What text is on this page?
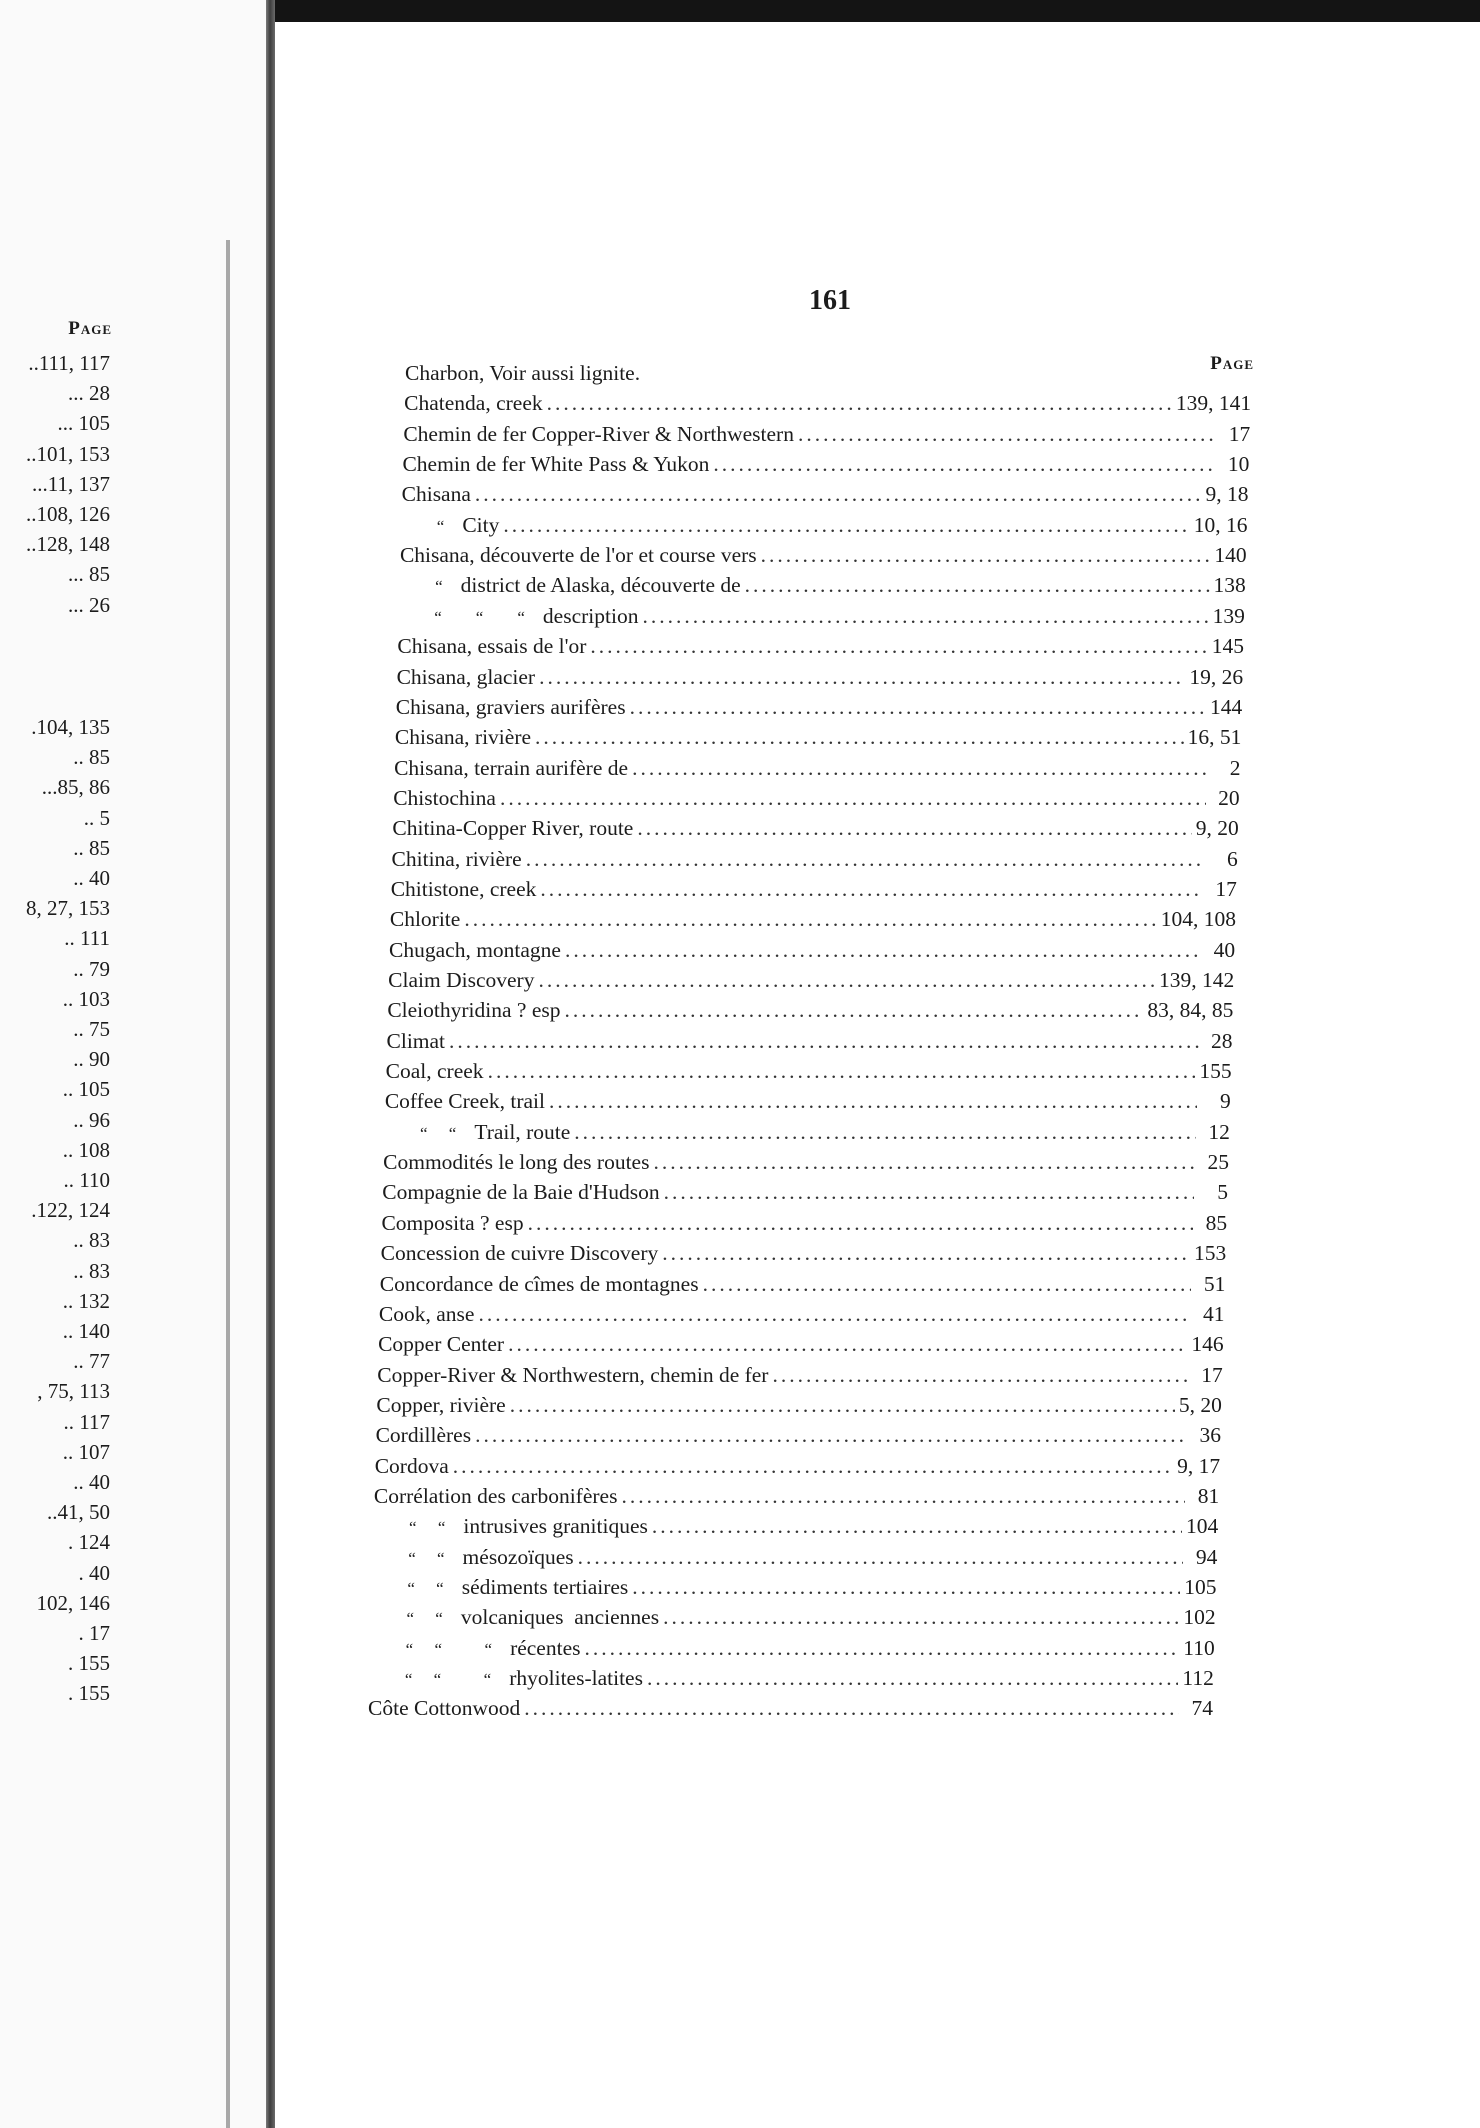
Page
..111, 117
... 28
... 105
..101, 153
...11, 137
..108, 126
..128, 148
... 85
... 26
.104, 135
.. 85
...85, 86
.. 5
.. 85
.. 40
8, 27, 153
.. 111
.. 79
.. 103
.. 75
.. 90
.. 105
.. 96
.. 108
.. 110
.122, 124
.. 83
.. 83
.. 132
.. 140
.. 77
, 75, 113
.. 117
.. 107
.. 40
..41, 50
. 124
. 40
102, 146
. 17
. 155
. 155
161
Page
Charbon, Voir aussi lignite.
Chatenda, creek .....	139, 141
Chemin de fer Copper-River & Northwestern .....	17
Chemin de fer White Pass & Yukon .....	10
Chisana .....	9, 18
“ City .....	10, 16
Chisana, découverte de l'or et course vers .....	140
“ district de Alaska, découverte de .....	138
“        “        “ description .....	139
Chisana, essais de l'or .....	145
Chisana, glacier .....	19, 26
Chisana, graviers aurifères .....	144
Chisana, rivière .....	16, 51
Chisana, terrain aurifère de .....	2
Chistochina .....	20
Chitina-Copper River, route .....	9, 20
Chitina, rivière .....	6
Chitistone, creek .....	17
Chlorite .....	104, 108
Chugach, montagne .....	40
Claim Discovery .....	139, 142
Cleiothyridina ? esp .....	83, 84, 85
Climat .....	28
Coal, creek .....	155
Coffee Creek, trail .....	9
“     “ Trail, route .....	12
Commodités le long des routes .....	25
Compagnie de la Baie d'Hudson .....	5
Composita ? esp .....	85
Concession de cuivre Discovery .....	153
Concordance de cîmes de montagnes .....	51
Cook, anse .....	41
Copper Center .....	146
Copper-River & Northwestern, chemin de fer .....	17
Copper, rivière .....	5, 20
Cordillères .....	36
Cordova .....	9, 17
Corrélation des carbonifères .....	81
“     “ intrusives granitiques .....	104
“     “ mésozoïques .....	94
“     “ sédiments tertiaires .....	105
“     “ volcaniques  anciennes .....	102
“     “          “ récentes .....	110
“     “          “ rhyolites-latites .....	112
Côte Cottonwood .....	74
